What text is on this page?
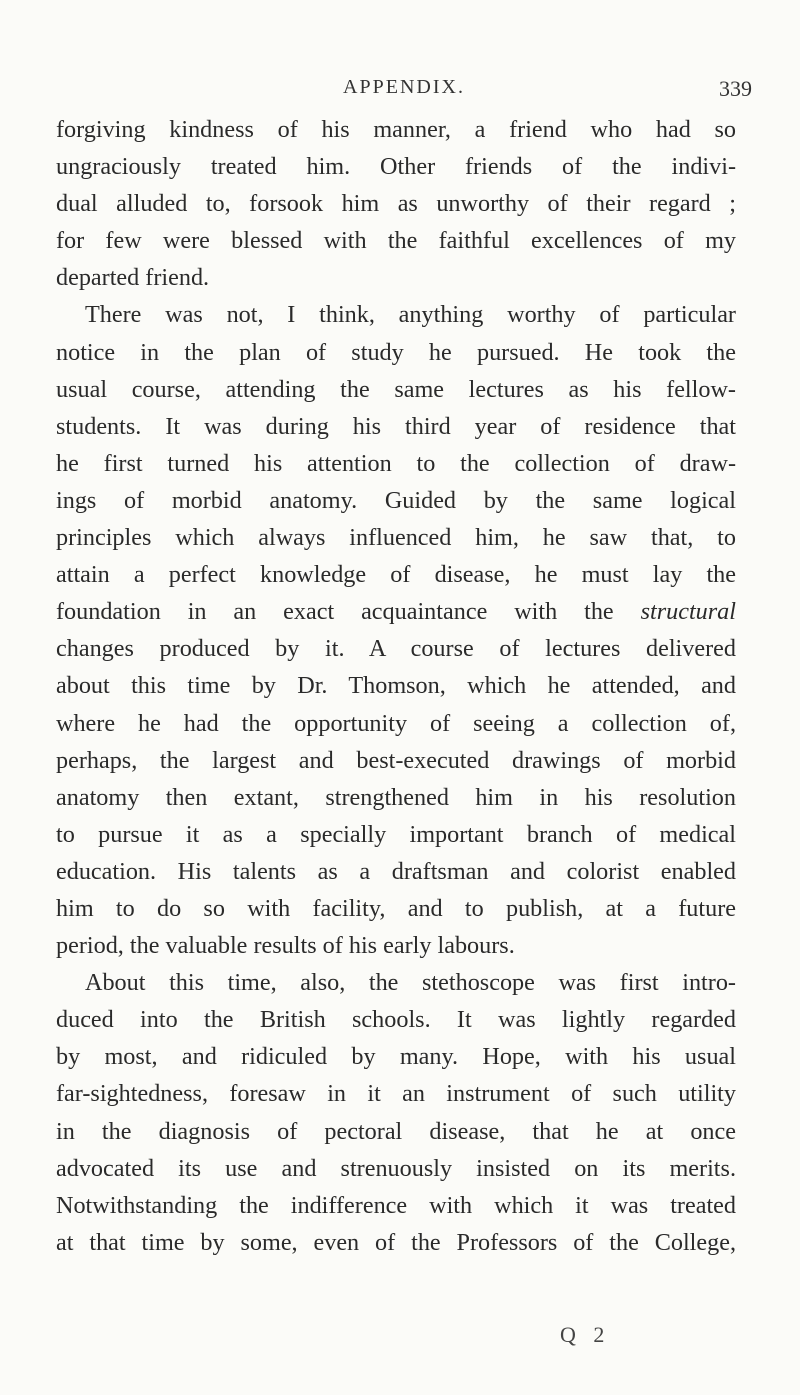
APPENDIX.	339
forgiving kindness of his manner, a friend who had so
ungraciously treated him. Other friends of the indivi-
dual alluded to, forsook him as unworthy of their regard ;
for few were blessed with the faithful excellences of my
departed friend.
There was not, I think, anything worthy of particular
notice in the plan of study he pursued. He took the
usual course, attending the same lectures as his fellow-
students. It was during his third year of residence that
he first turned his attention to the collection of draw-
ings of morbid anatomy. Guided by the same logical
principles which always influenced him, he saw that, to
attain a perfect knowledge of disease, he must lay the
foundation in an exact acquaintance with the structural
changes produced by it. A course of lectures delivered
about this time by Dr. Thomson, which he attended, and
where he had the opportunity of seeing a collection of,
perhaps, the largest and best-executed drawings of morbid
anatomy then extant, strengthened him in his resolution
to pursue it as a specially important branch of medical
education. His talents as a draftsman and colorist enabled
him to do so with facility, and to publish, at a future
period, the valuable results of his early labours.
About this time, also, the stethoscope was first intro-
duced into the British schools. It was lightly regarded
by most, and ridiculed by many. Hope, with his usual
far-sightedness, foresaw in it an instrument of such utility
in the diagnosis of pectoral disease, that he at once
advocated its use and strenuously insisted on its merits.
Notwithstanding the indifference with which it was treated
at that time by some, even of the Professors of the College,
Q 2
